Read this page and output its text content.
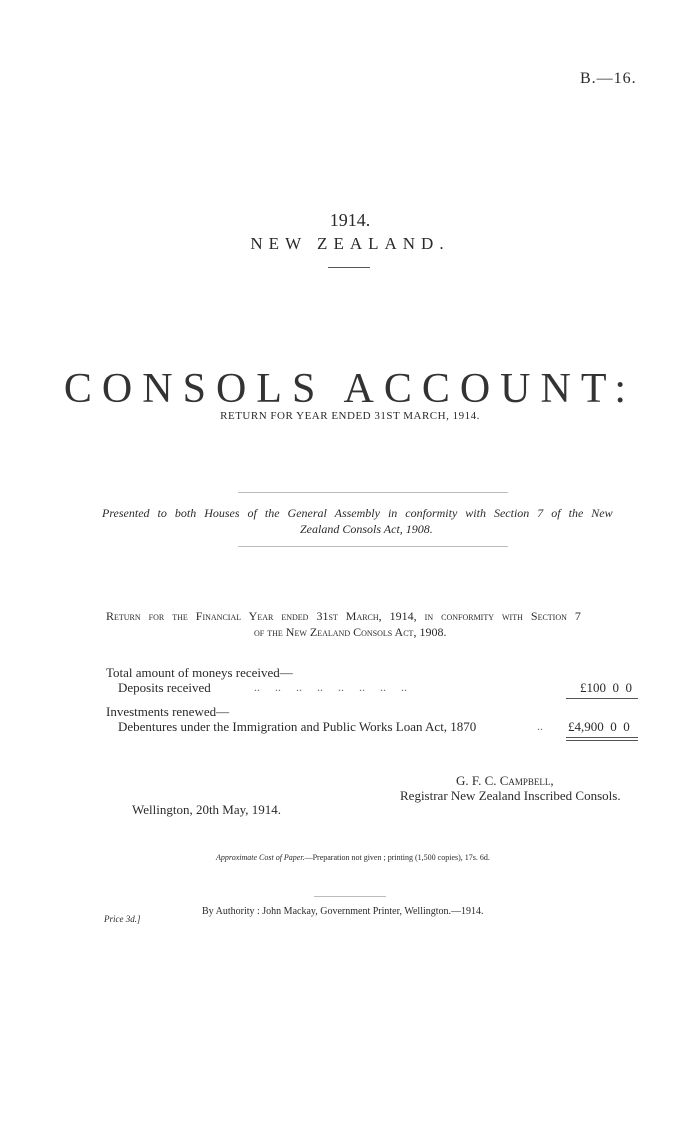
B.—16.
1914.
NEW ZEALAND.
CONSOLS ACCOUNT:
RETURN FOR YEAR ENDED 31ST MARCH, 1914.
Presented to both Houses of the General Assembly in conformity with Section 7 of the New
Zealand Consols Act, 1908.
Return for the Financial Year ended 31st March, 1914, in conformity with Section 7
of the New Zealand Consols Act, 1908.
Total amount of moneys received—
Deposits received	..     ..     ..     ..     ..     ..     ..     ..	£100  0  0
Investments renewed—
Debentures under the Immigration and Public Works Loan Act, 1870	.. £4,900  0  0
G. F. C. Campbell,
Registrar New Zealand Inscribed Consols.
Wellington, 20th May, 1914.
Approximate Cost of Paper.—Preparation not given ; printing (1,500 copies), 17s. 6d.
By Authority : John Mackay, Government Printer, Wellington.—1914.
Price 3d.]
